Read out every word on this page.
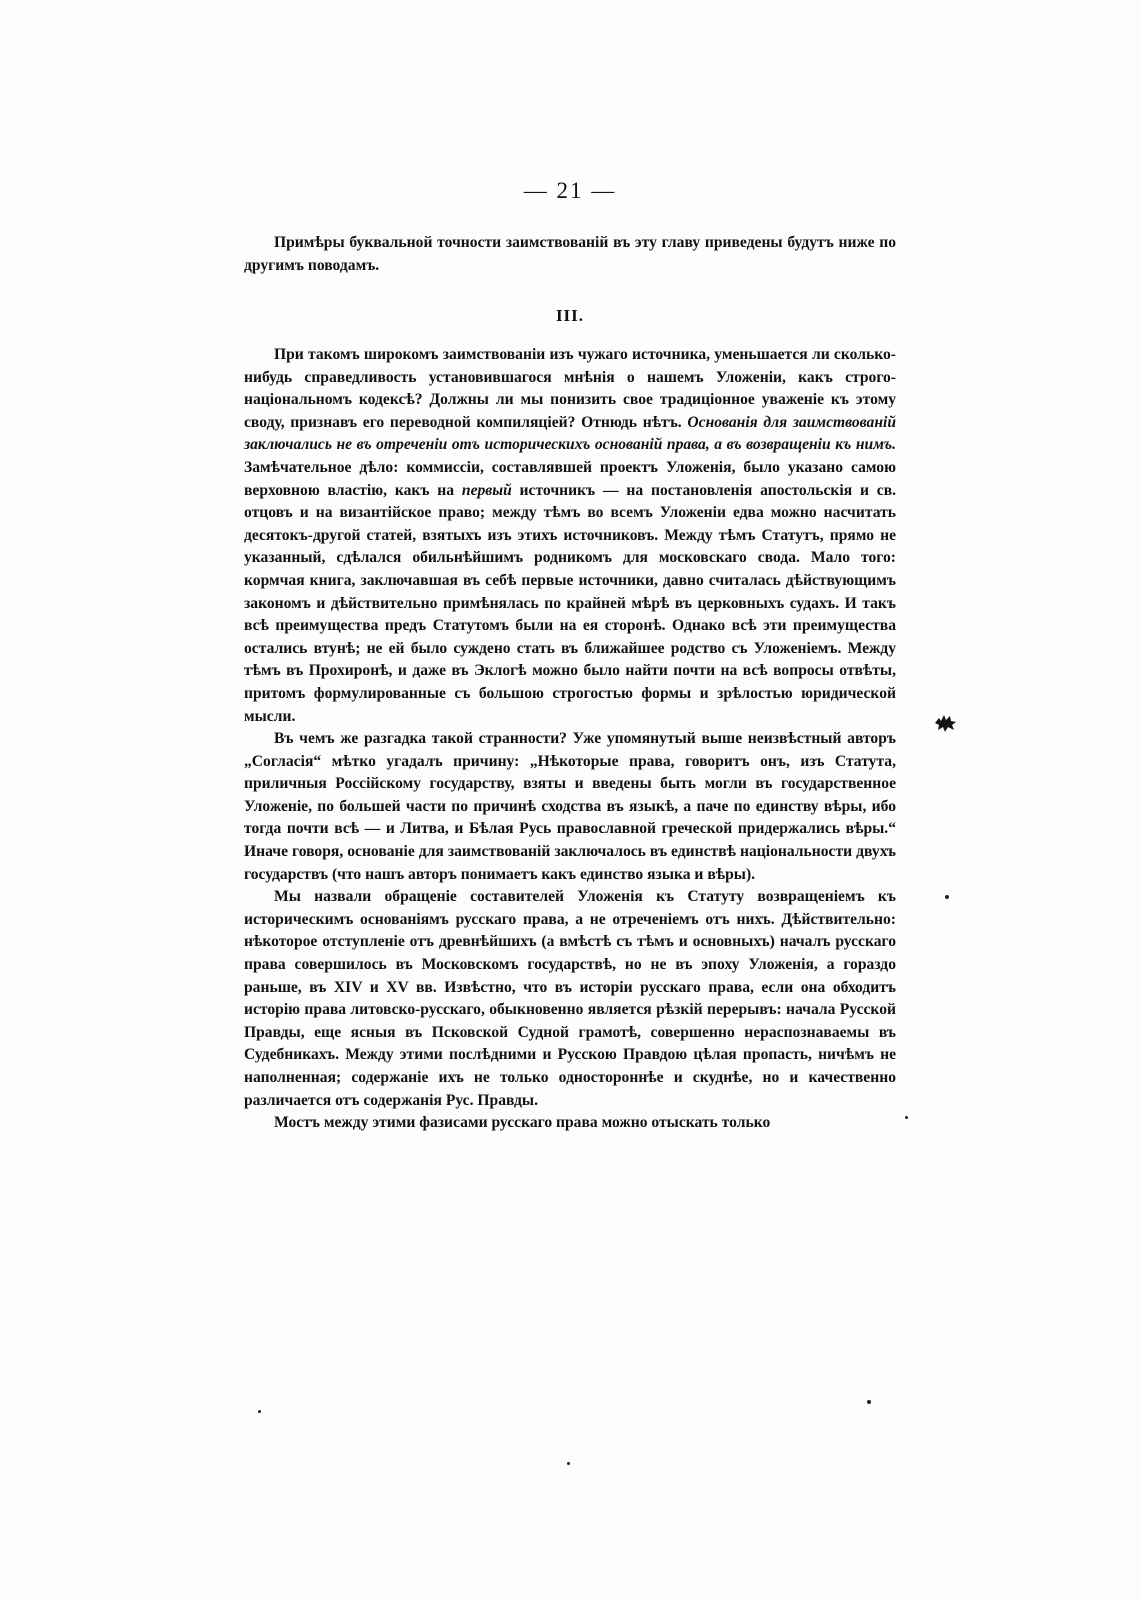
— 21 —

Примѣры буквальной точности заимствованій въ эту главу приведены будутъ ниже по другимъ поводамъ.

III.

При такомъ широкомъ заимствованіи изъ чужаго источника, уменьшается ли сколько-нибудь справедливость установившагося мнѣнія о нашемъ Уложеніи, какъ строго-національномъ кодексѣ? Должны ли мы понизить свое традиціонное уваженіе къ этому своду, признавъ его переводной компиляціей? Отнюдь нѣтъ. Основанія для заимствованій заключались не въ отреченіи отъ историческихъ основаній права, а въ возвращеніи къ нимъ. Замѣчательное дѣло: коммиссіи, составлявшей проектъ Уложенія, было указано самою верховною властію, какъ на первый источникъ — на постановленія апостольскія и св. отцовъ и на византійское право; между тѣмъ во всемъ Уложеніи едва можно насчитать десятокъ-другой статей, взятыхъ изъ этихъ источниковъ. Между тѣмъ Статутъ, прямо не указанный, сдѣлался обильнѣйшимъ родникомъ для московскаго свода. Мало того: кормчая книга, заключавшая въ себѣ первые источники, давно считалась дѣйствующимъ закономъ и дѣйствительно примѣнялась по крайней мѣрѣ въ церковныхъ судахъ. И такъ всѣ преимущества предъ Статутомъ были на ея сторонѣ. Однако всѣ эти преимущества остались втунѣ; не ей было суждено стать въ ближайшее родство съ Уложеніемъ. Между тѣмъ въ Прохиронѣ, и даже въ Эклогѣ можно было найти почти на всѣ вопросы отвѣты, притомъ формулированные съ большою строгостью формы и зрѣлостью юридической мысли.

Въ чемъ же разгадка такой странности? Уже упомянутый выше неизвѣстный авторъ „Согласія“ мѣтко угадалъ причину: „Нѣкоторые права, говоритъ онъ, изъ Статута, приличныя Россійскому государству, взяты и введены быть могли въ государственное Уложеніе, по большей части по причинѣ сходства въ языкѣ, а паче по единству вѣры, ибо тогда почти всѣ — и Литва, и Бѣлая Русь православной греческой придержались вѣры.“ Иначе говоря, основаніе для заимствованій заключалось въ единствѣ національности двухъ государствъ (что нашъ авторъ понимаетъ какъ единство языка и вѣры).

Мы назвали обращеніе составителей Уложенія къ Статуту возвращеніемъ къ историческимъ основаніямъ русскаго права, а не отреченіемъ отъ нихъ. Дѣйствительно: нѣкоторое отступленіе отъ древнѣйшихъ (а вмѣстѣ съ тѣмъ и основныхъ) началъ русскаго права совершилось въ Московскомъ государствѣ, но не въ эпоху Уложенія, а гораздо раньше, въ XIV и XV вв. Извѣстно, что въ исторіи русскаго права, если она обходитъ исторію права литовско-русскаго, обыкновенно является рѣзкій перерывъ: начала Русской Правды, еще ясныя въ Псковской Судной грамотѣ, совершенно нераспознаваемы въ Судебникахъ. Между этими послѣдними и Русскою Правдою цѣлая пропасть, ничѣмъ не наполненная; содержаніе ихъ не только одностороннѣе и скуднѣе, но и качественно различается отъ содержанія Рус. Правды.

Мостъ между этими фазисами русскаго права можно отыскать только
